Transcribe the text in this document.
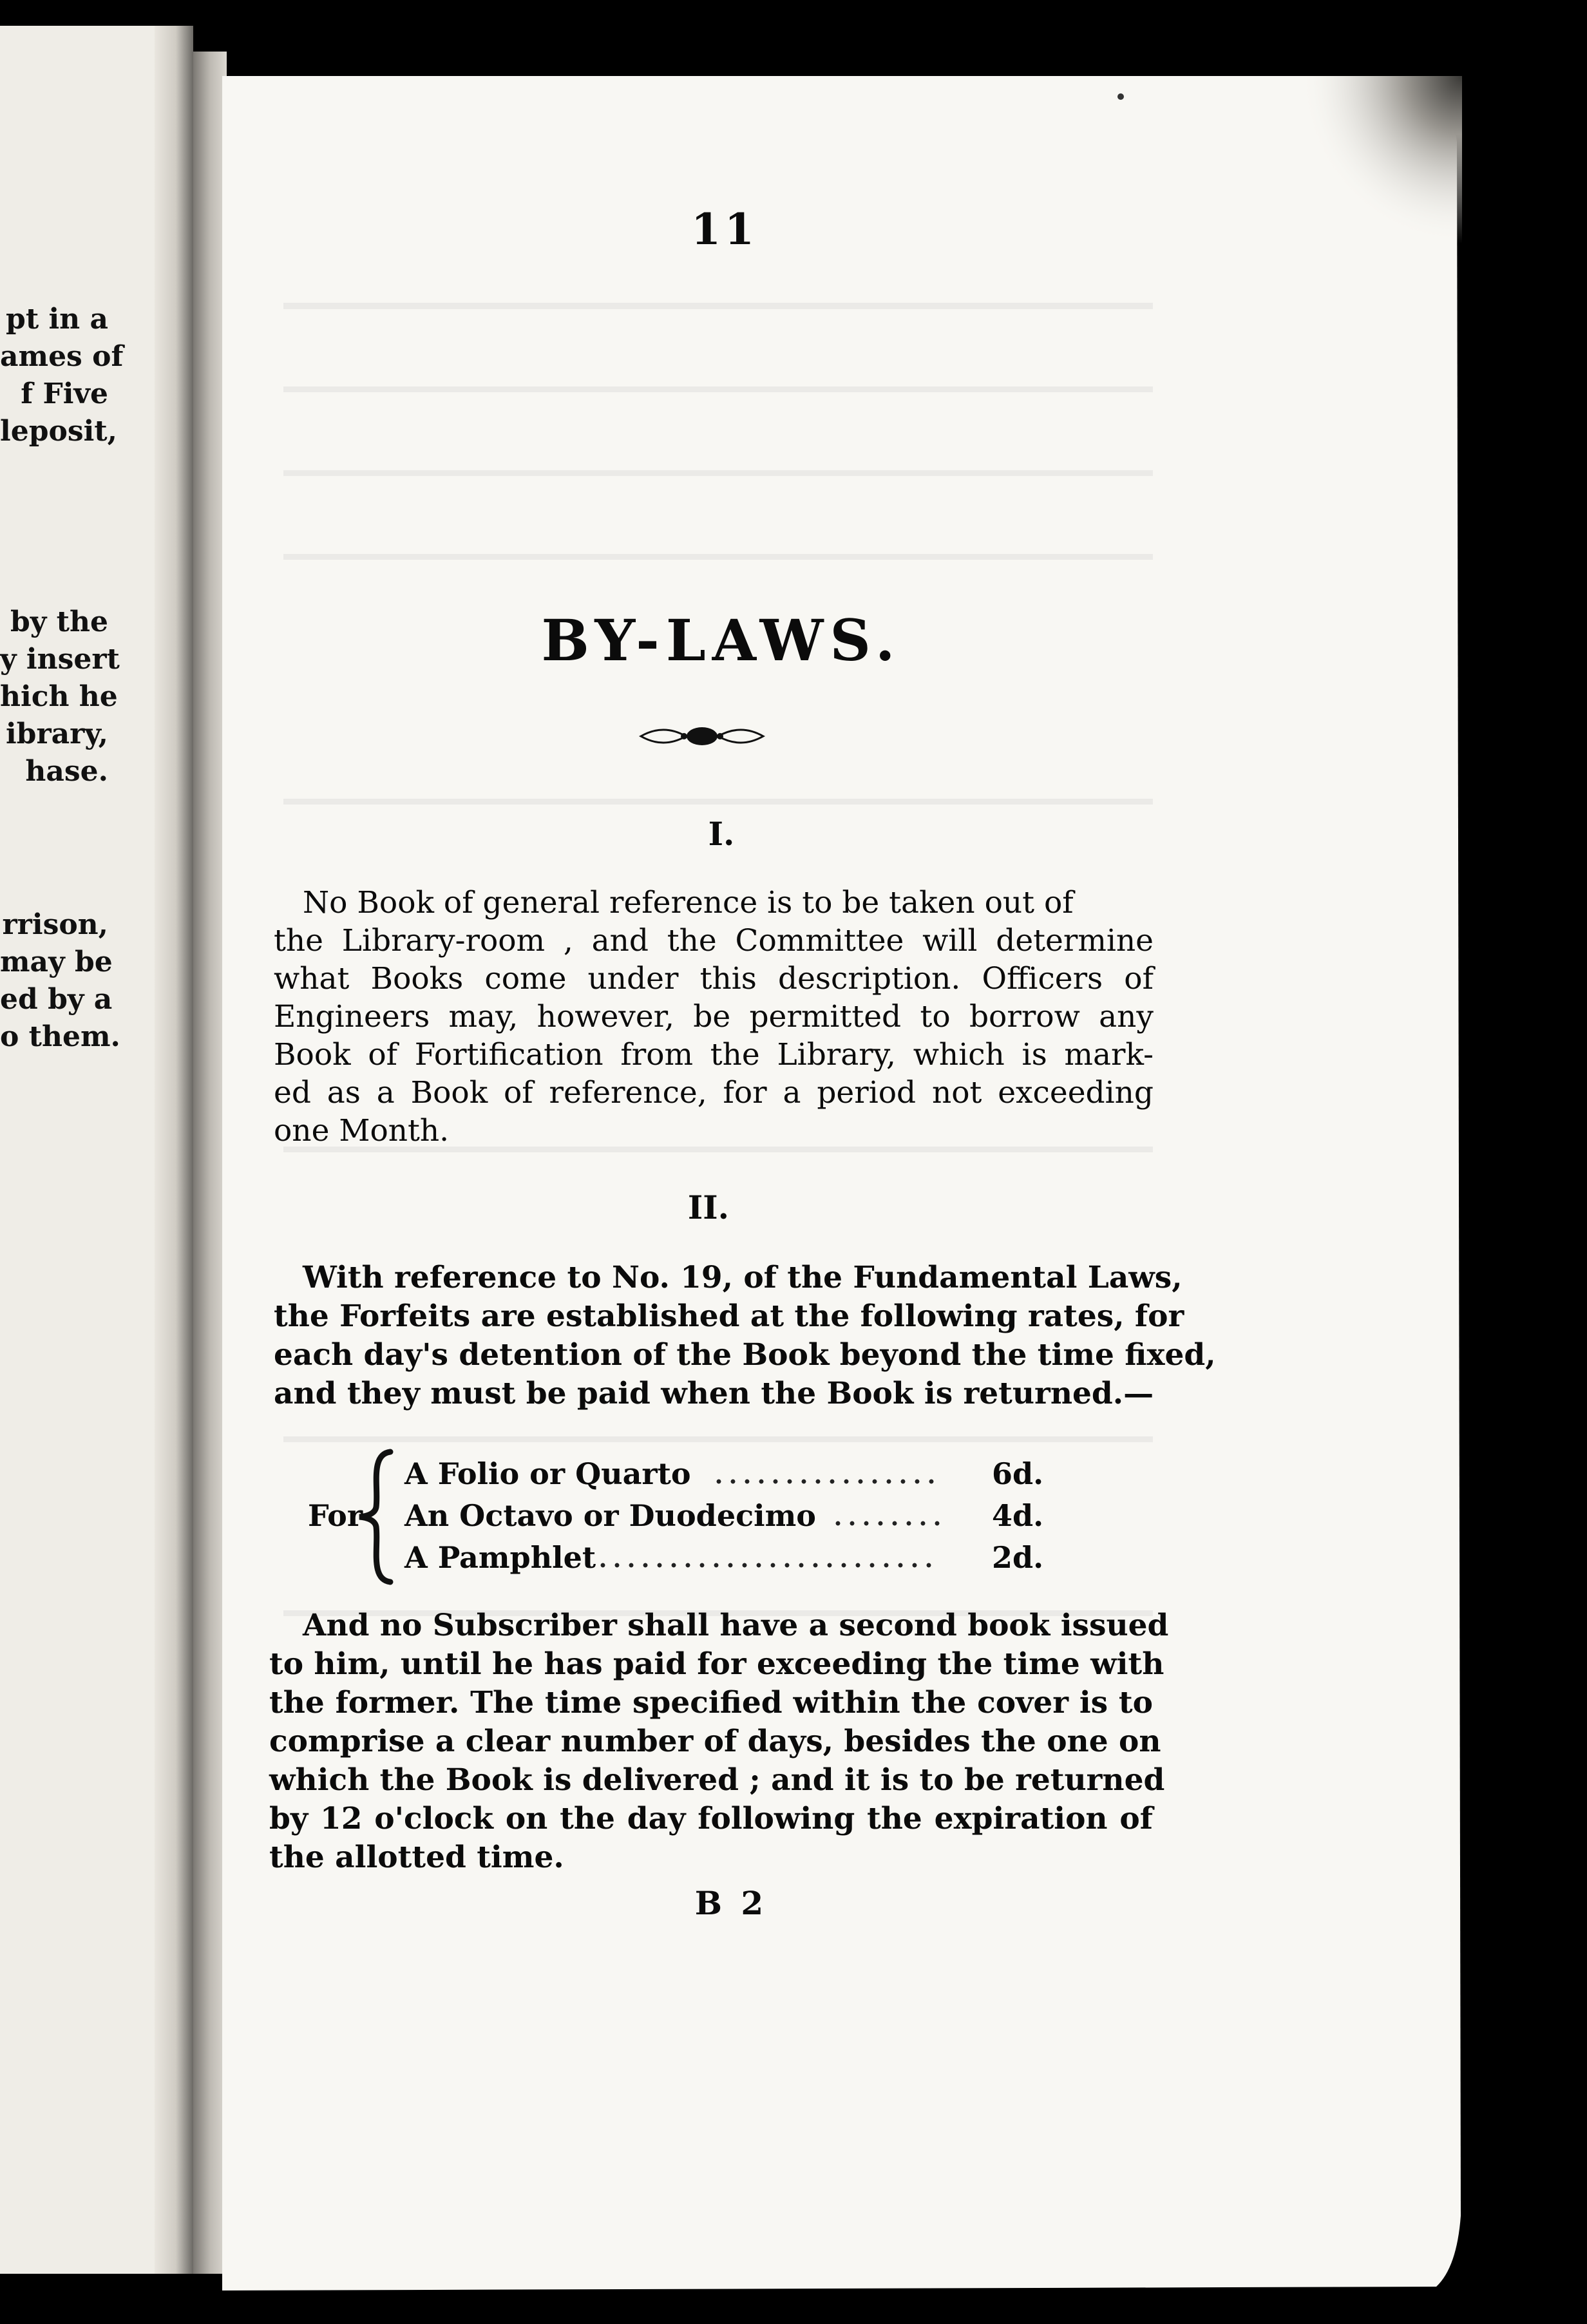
pt in a
ames of
f Five
leposit,
by the
y insert
hich he
ibrary,
hase.
rrison,
may be
ed by a
o them.
11
BY-LAWS.
I.
No Book of general reference is to be taken out of
the Library-room , and the Committee will determine
what Books come under this description. Officers of
Engineers may, however, be permitted to borrow any
Book of Fortification from the Library, which is mark-
ed as a Book of reference, for a period not exceeding
one Month.
II.
With reference to No. 19, of the Fundamental Laws,
the Forfeits are established at the following rates, for
each day's detention of the Book beyond the time fixed,
and they must be paid when the Book is returned.—
For
A Folio or Quarto	6d.
An Octavo or Duodecimo	4d.
A Pamphlet	2d.
And no Subscriber shall have a second book issued
to him, until he has paid for exceeding the time with
the former. The time specified within the cover is to
comprise a clear number of days, besides the one on
which the Book is delivered ; and it is to be returned
by 12 o'clock on the day following the expiration of
the allotted time.
B 2
